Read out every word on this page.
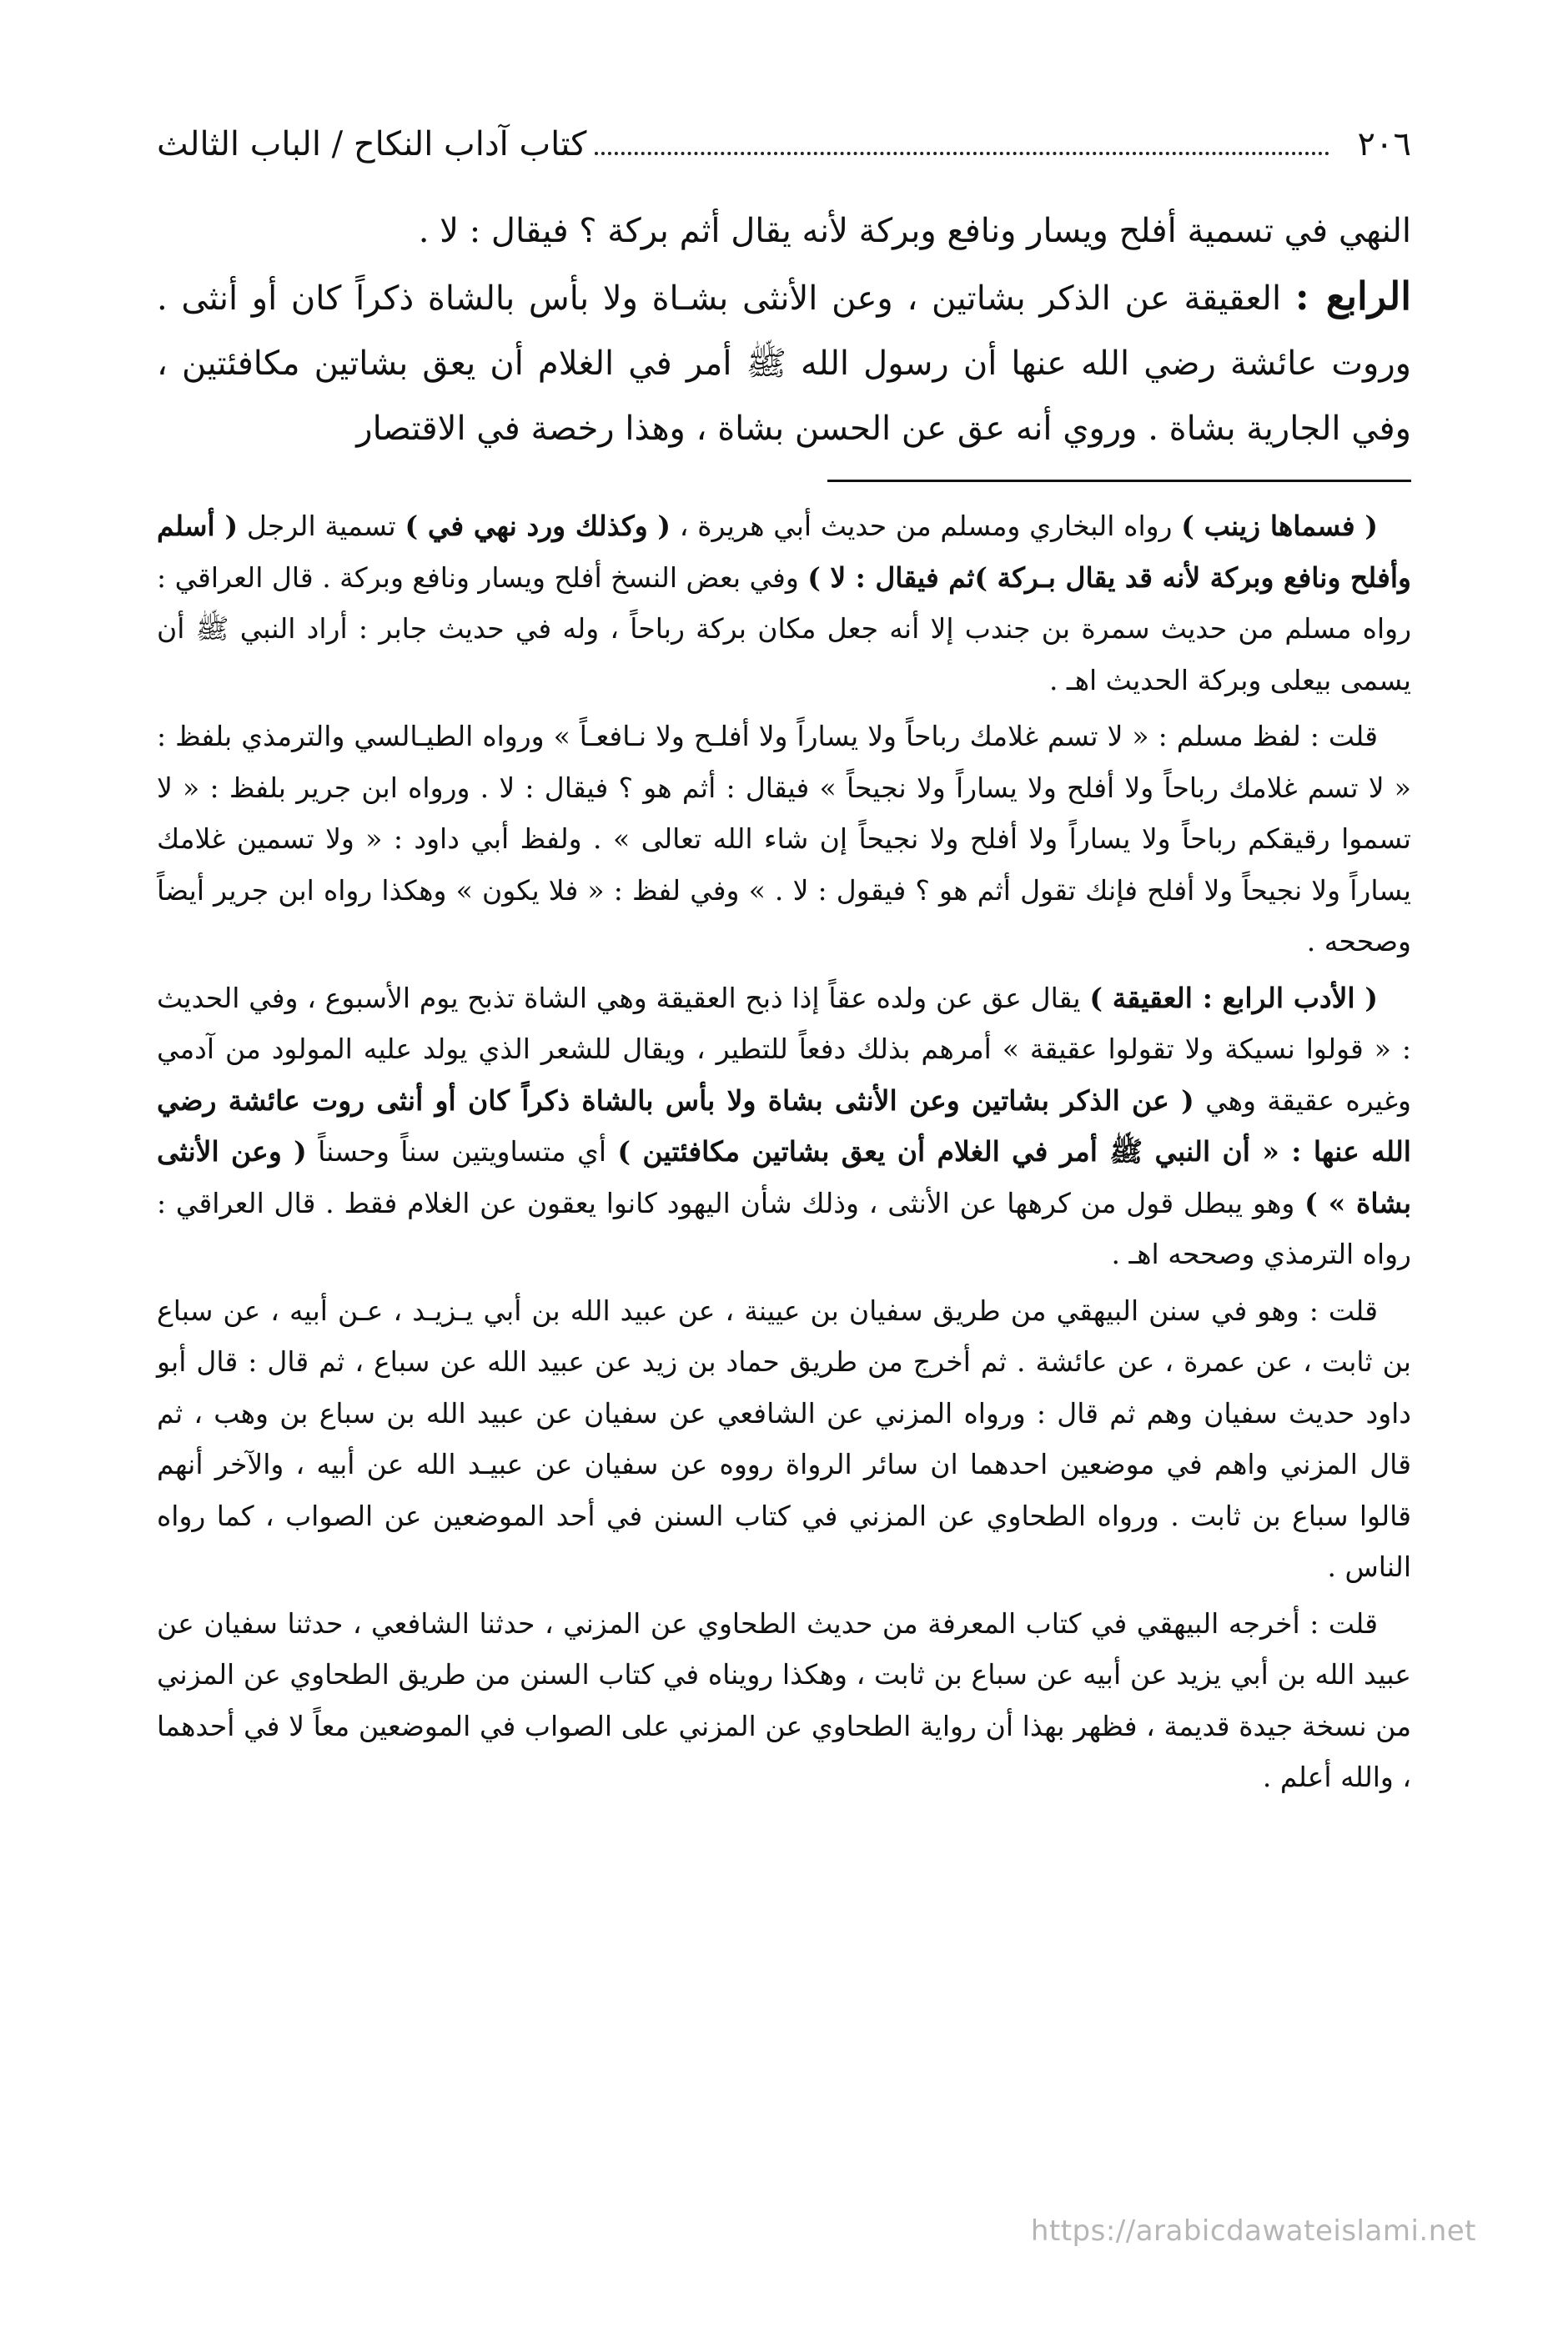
٢٠٦
كتاب آداب النكاح / الباب الثالث

النهي في تسمية أفلح ويسار ونافع وبركة لأنه يقال أثم بركة ؟ فيقال : لا .

الرابع : العقيقة عن الذكر بشاتين ، وعن الأنثى بشـاة ولا بأس بالشاة ذكراً كان أو أنثى . وروت عائشة رضي الله عنها أن رسول الله ﷺ أمر في الغلام أن يعق بشاتين مكافئتين ، وفي الجارية بشاة . وروي أنه عق عن الحسن بشاة ، وهذا رخصة في الاقتصار

( فسماها زينب ) رواه البخاري ومسلم من حديث أبي هريرة ، ( وكذلك ورد نهي في ) تسمية الرجل ( أسلم وأفلح ونافع وبركة لأنه قد يقال بـركة )ثم فيقال : لا ) وفي بعض النسخ أفلح ويسار ونافع وبركة . قال العراقي : رواه مسلم من حديث سمرة بن جندب إلا أنه جعل مكان بركة رباحاً ، وله في حديث جابر : أراد النبي ﷺ أن يسمى بيعلى وبركة الحديث اهـ .

قلت : لفظ مسلم : « لا تسم غلامك رباحاً ولا يساراً ولا أفلـح ولا نـافعـاً » ورواه الطيـالسي والترمذي بلفظ : « لا تسم غلامك رباحاً ولا أفلح ولا يساراً ولا نجيحاً » فيقال : أثم هو ؟ فيقال : لا . ورواه ابن جرير بلفظ : « لا تسموا رقيقكم رباحاً ولا يساراً ولا أفلح ولا نجيحاً إن شاء الله تعالى » . ولفظ أبي داود : « ولا تسمين غلامك يساراً ولا نجيحاً ولا أفلح فإنك تقول أثم هو ؟ فيقول : لا . » وفي لفظ : « فلا يكون » وهكذا رواه ابن جرير أيضاً وصححه .

( الأدب الرابع : العقيقة ) يقال عق عن ولده عقاً إذا ذبح العقيقة وهي الشاة تذبح يوم الأسبوع ، وفي الحديث : « قولوا نسيكة ولا تقولوا عقيقة » أمرهم بذلك دفعاً للتطير ، ويقال للشعر الذي يولد عليه المولود من آدمي وغيره عقيقة وهي ( عن الذكر بشاتين وعن الأنثى بشاة ولا بأس بالشاة ذكراً كان أو أنثى روت عائشة رضي الله عنها : « أن النبي ﷺ أمر في الغلام أن يعق بشاتين مكافئتين ) أي متساويتين سناً وحسناً ( وعن الأنثى بشاة » ) وهو يبطل قول من كرهها عن الأنثى ، وذلك شأن اليهود كانوا يعقون عن الغلام فقط . قال العراقي : رواه الترمذي وصححه اهـ .

قلت : وهو في سنن البيهقي من طريق سفيان بن عيينة ، عن عبيد الله بن أبي يـزيـد ، عـن أبيه ، عن سباع بن ثابت ، عن عمرة ، عن عائشة . ثم أخرج من طريق حماد بن زيد عن عبيد الله عن سباع ، ثم قال : قال أبو داود حديث سفيان وهم ثم قال : ورواه المزني عن الشافعي عن سفيان عن عبيد الله بن سباع بن وهب ، ثم قال المزني واهم في موضعين احدهما ان سائر الرواة رووه عن سفيان عن عبيـد الله عن أبيه ، والآخر أنهم قالوا سباع بن ثابت . ورواه الطحاوي عن المزني في كتاب السنن في أحد الموضعين عن الصواب ، كما رواه الناس .

قلت : أخرجه البيهقي في كتاب المعرفة من حديث الطحاوي عن المزني ، حدثنا الشافعي ، حدثنا سفيان عن عبيد الله بن أبي يزيد عن أبيه عن سباع بن ثابت ، وهكذا رويناه في كتاب السنن من طريق الطحاوي عن المزني من نسخة جيدة قديمة ، فظهر بهذا أن رواية الطحاوي عن المزني على الصواب في الموضعين معاً لا في أحدهما ، والله أعلم .

https://arabicdawateislami.net
